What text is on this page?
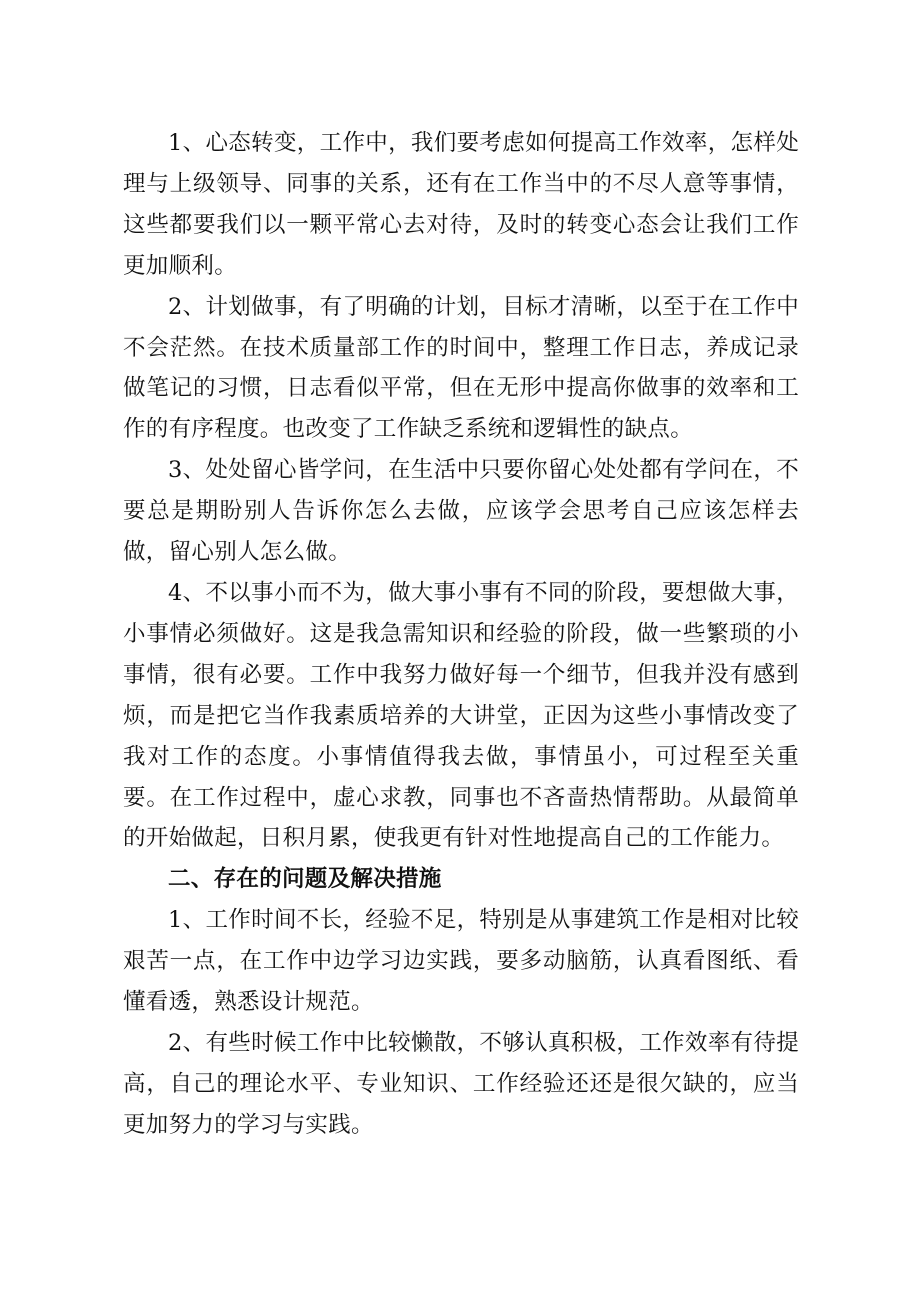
1、心态转变，工作中，我们要考虑如何提高工作效率，怎样处理与上级领导、同事的关系，还有在工作当中的不尽人意等事情，这些都要我们以一颗平常心去对待，及时的转变心态会让我们工作更加顺利。

2、计划做事，有了明确的计划，目标才清晰，以至于在工作中不会茫然。在技术质量部工作的时间中，整理工作日志，养成记录做笔记的习惯，日志看似平常，但在无形中提高你做事的效率和工作的有序程度。也改变了工作缺乏系统和逻辑性的缺点。

3、处处留心皆学问，在生活中只要你留心处处都有学问在，不要总是期盼别人告诉你怎么去做，应该学会思考自己应该怎样去做，留心别人怎么做。

4、不以事小而不为，做大事小事有不同的阶段，要想做大事，小事情必须做好。这是我急需知识和经验的阶段，做一些繁琐的小事情，很有必要。工作中我努力做好每一个细节，但我并没有感到烦，而是把它当作我素质培养的大讲堂，正因为这些小事情改变了我对工作的态度。小事情值得我去做，事情虽小，可过程至关重要。在工作过程中，虚心求教，同事也不吝啬热情帮助。从最简单的开始做起，日积月累，使我更有针对性地提高自己的工作能力。

二、存在的问题及解决措施

1、工作时间不长，经验不足，特别是从事建筑工作是相对比较艰苦一点，在工作中边学习边实践，要多动脑筋，认真看图纸、看懂看透，熟悉设计规范。

2、有些时候工作中比较懒散，不够认真积极，工作效率有待提高，自己的理论水平、专业知识、工作经验还还是很欠缺的，应当更加努力的学习与实践。
